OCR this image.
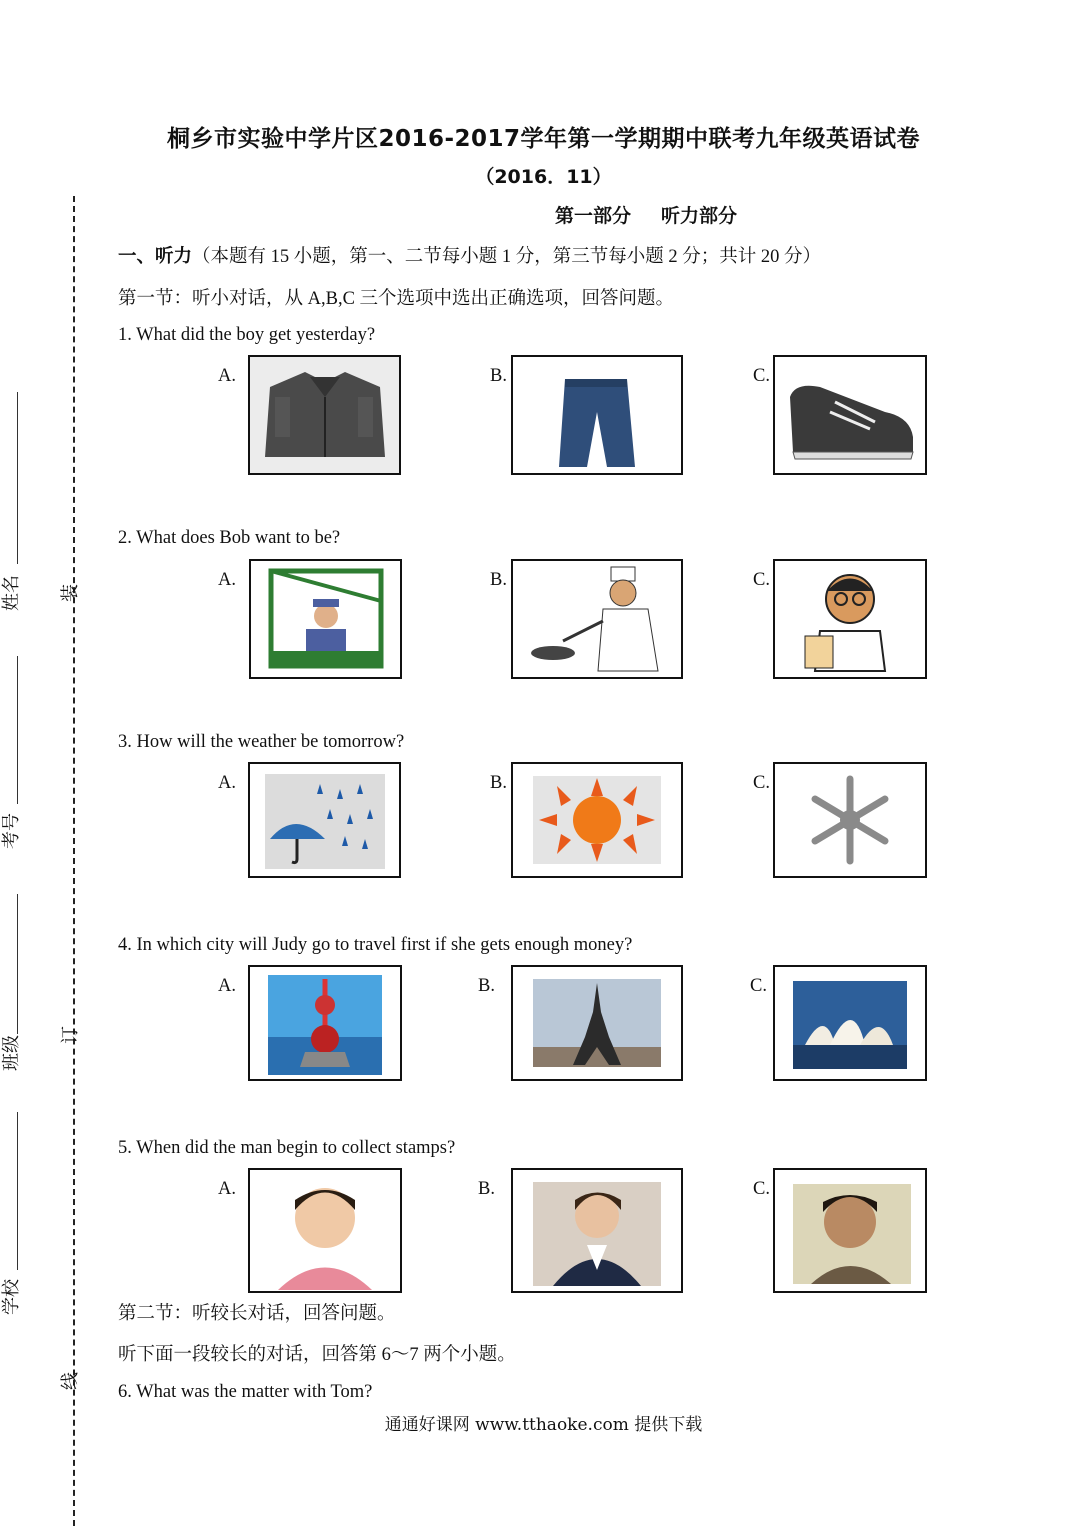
桐乡市实验中学片区2016-2017学年第一学期期中联考九年级英语试卷
（2016．11）
第一部分 听力部分
一、听力（本题有 15 小题，第一、二节每小题 1 分，第三节每小题 2 分；共计 20 分）
第一节：听小对话，从 A,B,C 三个选项中选出正确选项，回答问题。
1. What did the boy get yesterday?
2. What does Bob want to be?
3. How will the weather be tomorrow?
4. In which city will Judy go to travel first if she gets enough money?
5. When did the man begin to collect stamps?
A.	B.	C.
A.	B.	C.
A.	B.	C.
A.	B.	C.
A.	B.	C.
第二节：听较长对话，回答问题。
听下面一段较长的对话，回答第 6～7 两个小题。
6. What was the matter with Tom?
通通好课网 www.tthaoke.com 提供下载
装
订
线
姓名
考号
班级
学校
